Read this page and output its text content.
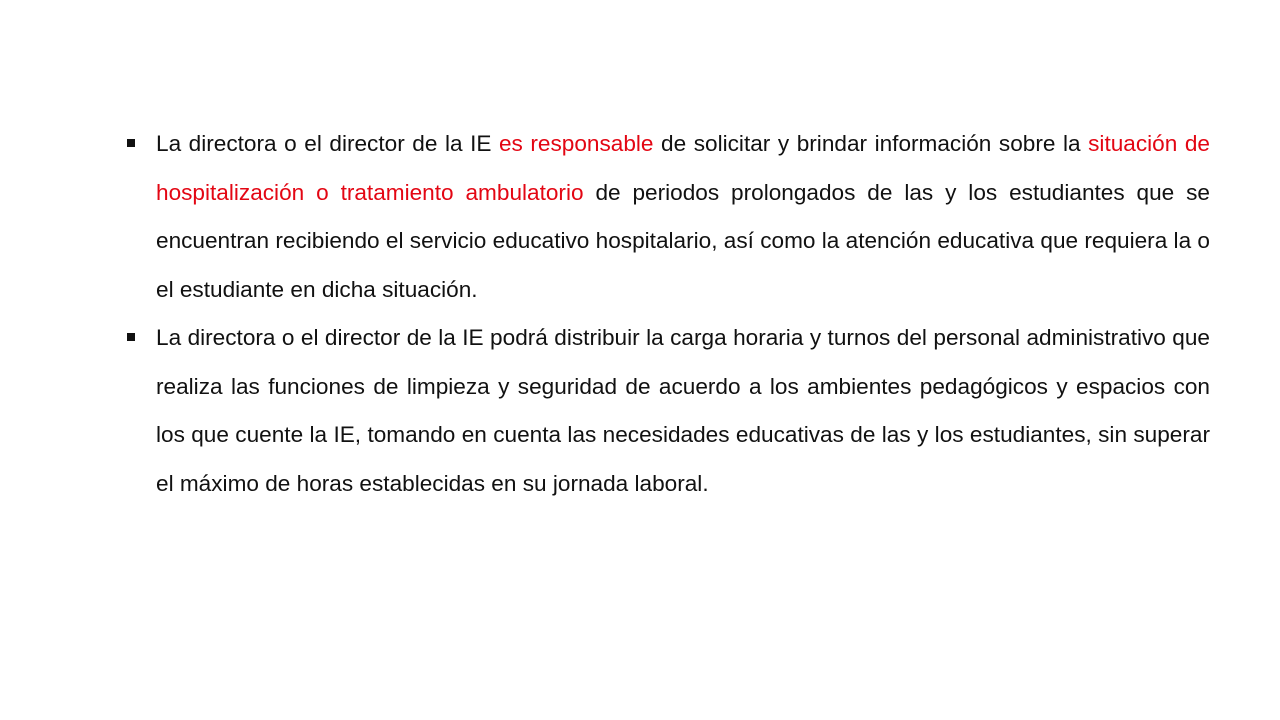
La directora o el director de la IE es responsable de solicitar y brindar información sobre la situación de hospitalización o tratamiento ambulatorio de periodos prolongados de las y los estudiantes que se encuentran recibiendo el servicio educativo hospitalario, así como la atención educativa que requiera la o el estudiante en dicha situación.
La directora o el director de la IE podrá distribuir la carga horaria y turnos del personal administrativo que realiza las funciones de limpieza y seguridad de acuerdo a los ambientes pedagógicos y espacios con los que cuente la IE, tomando en cuenta las necesidades educativas de las y los estudiantes, sin superar el máximo de horas establecidas en su jornada laboral.
